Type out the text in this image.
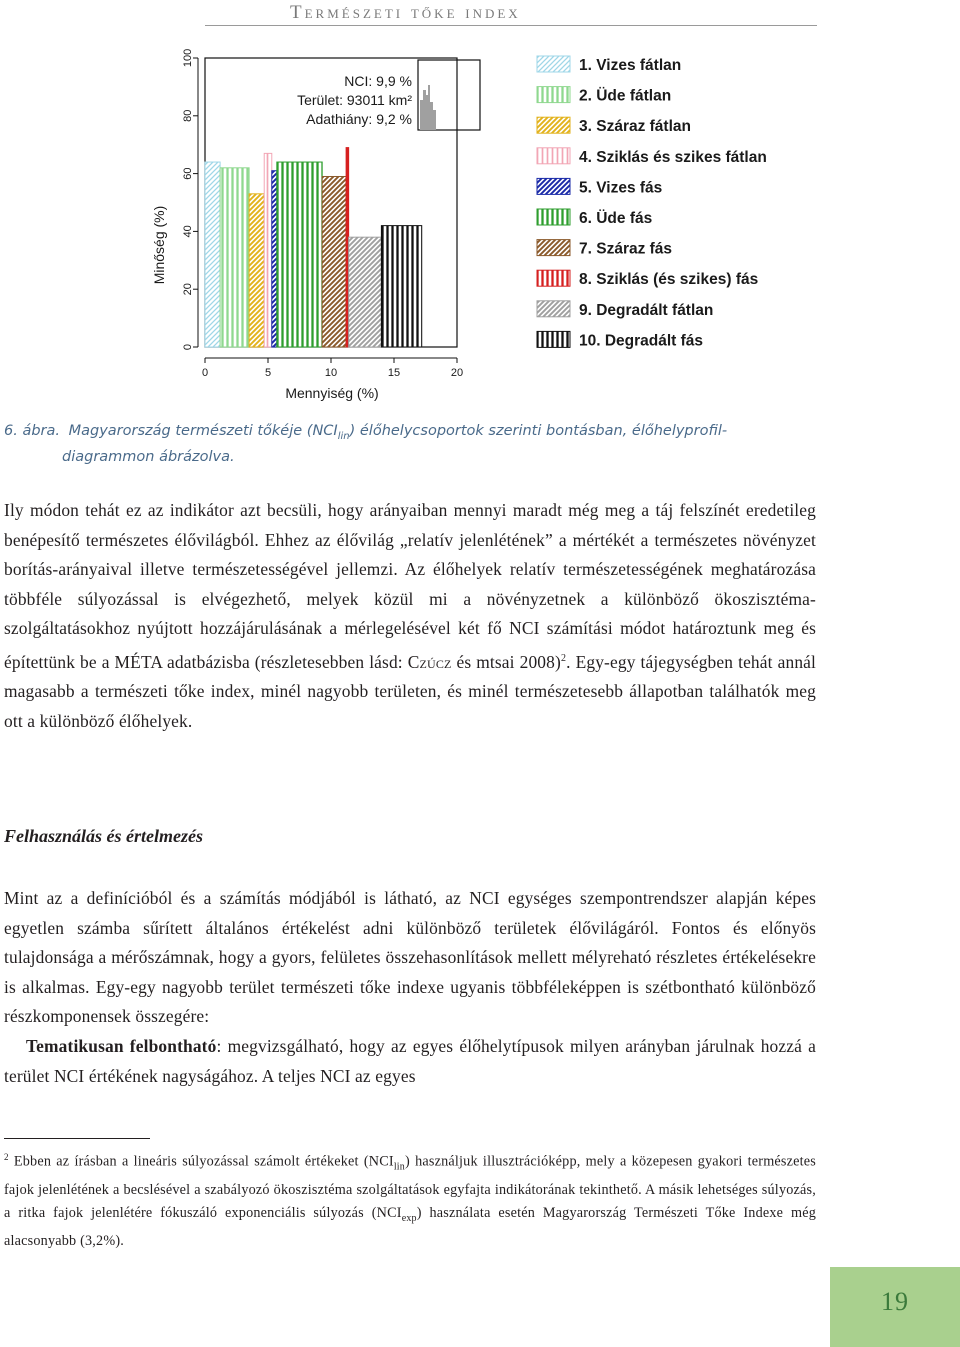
Természeti tőke index
0
20
40
60
80
100
0	5	10	15	20
1. Vizes fátlan
2. Üde fátlan
3. Száraz fátlan
4. Sziklás és szikes fátlan
5. Vizes fás
6. Üde fás
7. Száraz fás
8. Sziklás (és szikes) fás
9. Degradált fátlan
10. Degradált fás
Minőség (%)
Mennyiség (%)
NCI: 9,9 %
Terület: 93011 km²
Adathiány: 9,2 %
6. ábra. Magyarország természeti tőkéje $(NCI_{lin})$ élőhelycsoportok szerinti bontásban, élőhelyprofil-
diagrammon ábrázolva.

Ily módon tehát ez az indikátor azt becsüli, hogy arányaiban mennyi maradt még meg a táj felszínét eredetileg benépesítő természetes élővilágból. Ehhez az élővilág „relatív jelenlétének” a mértékét a természetes növényzet borítás-arányaival illetve természetességével jellemzi. Az élőhelyek relatív természetességének meghatározása többféle súlyozással is elvégezhető, melyek közül mi a növényzetnek a különböző ökoszisztéma-szolgáltatásokhoz nyújtott hozzájárulásának a mérlegelésével két fő NCI számítási módot határoztunk meg és építettünk be a MÉTA adatbázisba (részletesebben lásd: Czúcz és mtsai 2008)$^2$. Egy-egy tájegységben tehát annál magasabb a természeti tőke index, minél nagyobb területen, és minél természetesebb állapotban találhatók meg ott a különböző élőhelyek.

Felhasználás és értelmezés

Mint az a definícióból és a számítás módjából is látható, az NCI egységes szempontrendszer alapján képes egyetlen számba sűrített általános értékelést adni különböző területek élővilágáról. Fontos és előnyös tulajdonsága a mérőszámnak, hogy a gyors, felületes összehasonlítások mellett mélyreható részletes értékelésekre is alkalmas. Egy-egy nagyobb terület természeti tőke indexe ugyanis többféleképpen is szétbontható különböző részkomponensek összegére:

Tematikusan felbontható: megvizsgálható, hogy az egyes élőhelytípusok milyen arányban járulnak hozzá a terület NCI értékének nagyságához. A teljes NCI az egyes

$^2$ Ebben az írásban a lineáris súlyozással számolt értékeket $(NCI_{lin})$ használjuk illusztrációképp, mely a közepesen gyakori természetes fajok jelenlétének a becslésével a szabályozó ökoszisztéma szolgáltatások egyfajta indikátorának tekinthető. A másik lehetséges súlyozás, a ritka fajok jelenlétére fókuszáló exponenciális súlyozás $(NCI_{exp})$ használata esetén Magyarország Természeti Tőke Indexe még alacsonyabb (3,2%).
19
